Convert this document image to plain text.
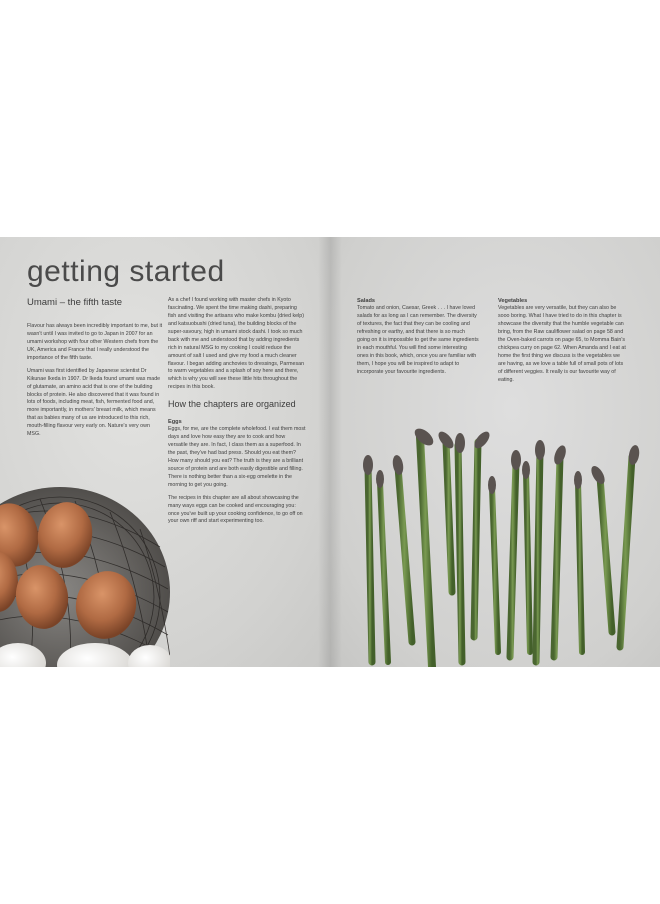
getting started
Umami – the fifth taste

Flavour has always been incredibly important to me, but it wasn't until I was invited to go to Japan in 2007 for an umami workshop with four other Western chefs from the UK, America and France that I really understood the importance of the fifth taste.

Umami was first identified by Japanese scientist Dr Kikunae Ikeda in 1907. Dr Ikeda found umami was made of glutamate, an amino acid that is one of the building blocks of protein. He also discovered that it was found in lots of foods, including meat, fish, fermented food and, more importantly, in mothers' breast milk, which means that as babies many of us are introduced to this rich, mouth-filling flavour very early on. Nature's very own MSG.

As a chef I found working with master chefs in Kyoto fascinating. We spent the time making dashi, preparing fish and visiting the artisans who make kombu (dried kelp) and katsuobushi (dried tuna), the building blocks of the super-savoury, high in umami stock dashi. I took so much back with me and understood that by adding ingredients rich in natural MSG to my cooking I could reduce the amount of salt I used and give my food a much cleaner flavour. I began adding anchovies to dressings, Parmesan to warm vegetables and a splash of soy here and there, which is why you will see these little hits throughout the recipes in this book.

How the chapters are organized
Eggs

Eggs, for me, are the complete wholefood. I eat them most days and love how easy they are to cook and how versatile they are. In fact, I class them as a superfood. In the past, they've had bad press. Should you eat them? How many should you eat? The truth is they are a brilliant source of protein and are both easily digestible and filling. There is nothing better than a six-egg omelette in the morning to get you going.

The recipes in this chapter are all about showcasing the many ways eggs can be cooked and encouraging you: once you've built up your cooking confidence, to go off on your own riff and start experimenting too.

Salads

Tomato and onion, Caesar, Greek . . . I have loved salads for as long as I can remember. The diversity of textures, the fact that they can be cooling and refreshing or earthy, and that there is so much going on it is impossible to get the same ingredients in each mouthful. You will find some interesting ones in this book, which, once you are familiar with them, I hope you will be inspired to adapt to incorporate your favourite ingredients.

Vegetables

Vegetables are very versatile, but they can also be sooo boring. What I have tried to do in this chapter is showcase the diversity that the humble vegetable can bring, from the Raw cauliflower salad on page 58 and the Oven-baked carrots on page 65, to Momma Bain's chickpea curry on page 62. When Amanda and I eat at home the first thing we discuss is the vegetables we are having, as we love a table full of small pots of lots of different veggies. It really is our favourite way of eating.
